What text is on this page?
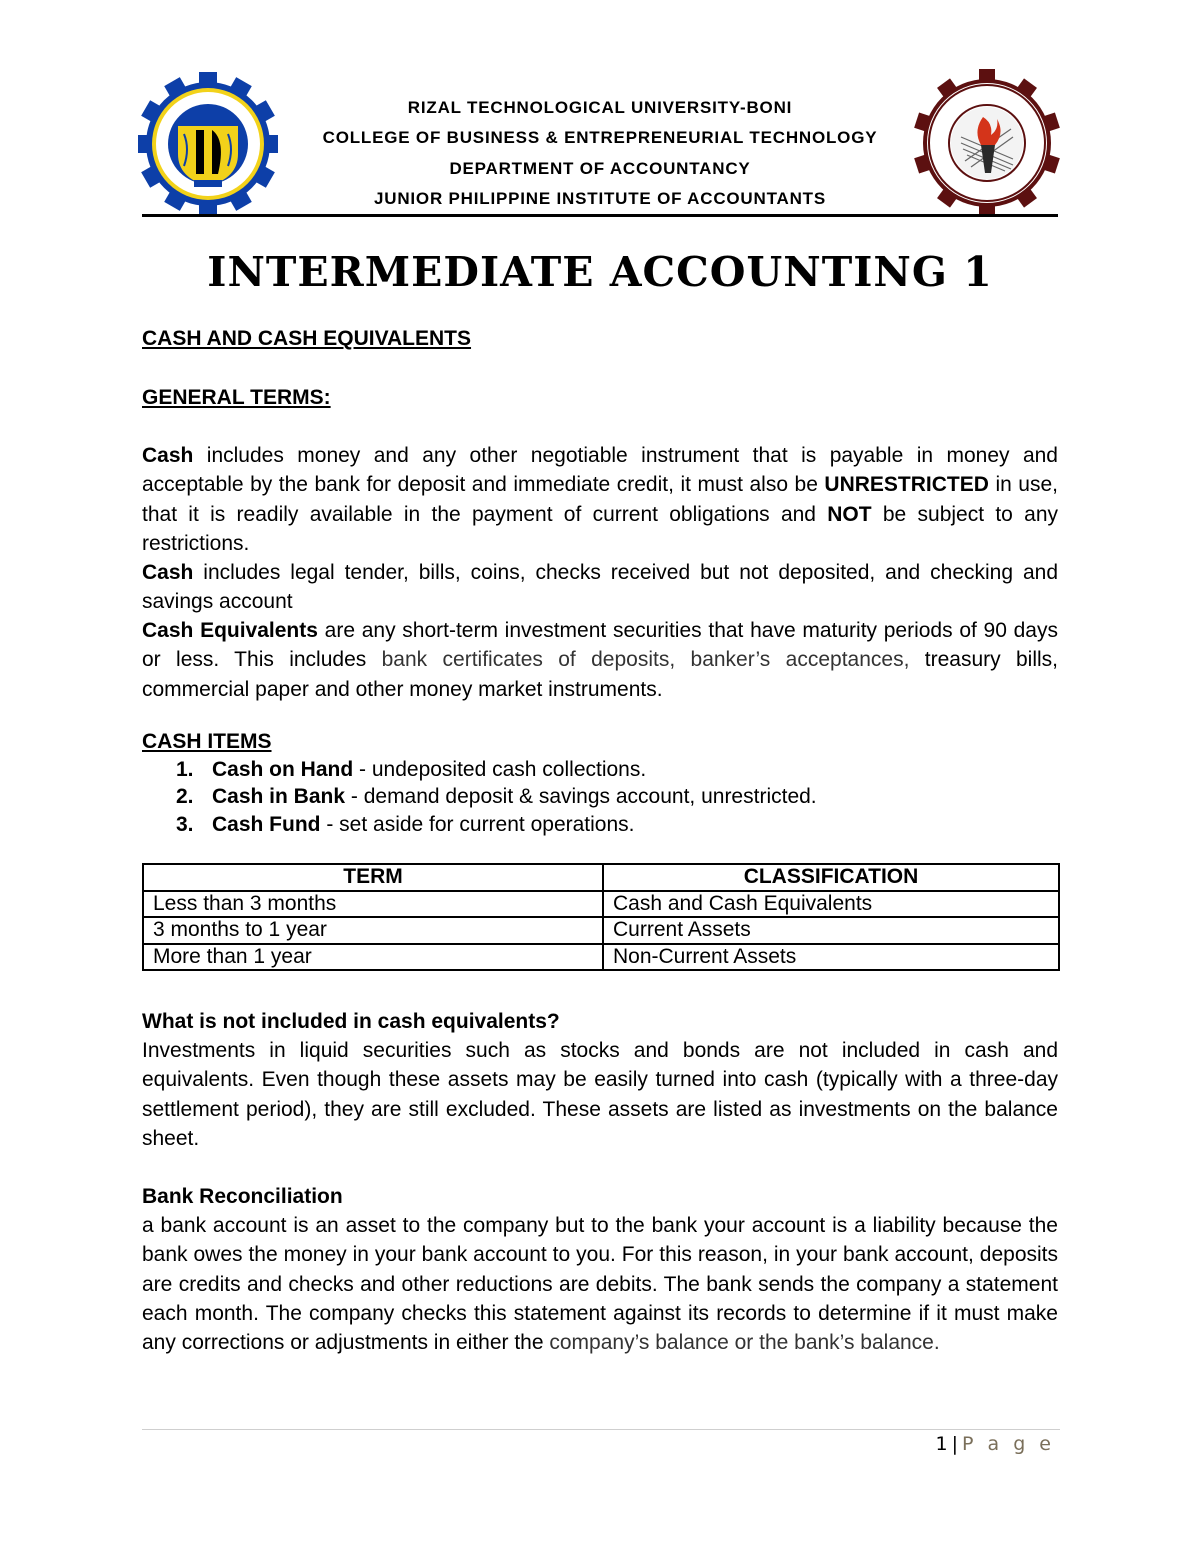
RIZAL TECHNOLOGICAL UNIVERSITY-BONI
COLLEGE OF BUSINESS & ENTREPRENEURIAL TECHNOLOGY
DEPARTMENT OF ACCOUNTANCY
JUNIOR PHILIPPINE INSTITUTE OF ACCOUNTANTS
INTERMEDIATE ACCOUNTING 1
CASH AND CASH EQUIVALENTS
GENERAL TERMS:
Cash includes money and any other negotiable instrument that is payable in money and acceptable by the bank for deposit and immediate credit, it must also be UNRESTRICTED in use, that it is readily available in the payment of current obligations and NOT be subject to any restrictions.
Cash includes legal tender, bills, coins, checks received but not deposited, and checking and savings account
Cash Equivalents are any short-term investment securities that have maturity periods of 90 days or less. This includes bank certificates of deposits, banker’s acceptances, treasury bills, commercial paper and other money market instruments.
CASH ITEMS
1. Cash on Hand - undeposited cash collections.
2. Cash in Bank - demand deposit & savings account, unrestricted.
3. Cash Fund - set aside for current operations.
TERM	CLASSIFICATION
Less than 3 months	Cash and Cash Equivalents
3 months to 1 year	Current Assets
More than 1 year	Non-Current Assets
What is not included in cash equivalents?
Investments in liquid securities such as stocks and bonds are not included in cash and equivalents. Even though these assets may be easily turned into cash (typically with a three-day settlement period), they are still excluded. These assets are listed as investments on the balance sheet.
Bank Reconciliation
a bank account is an asset to the company but to the bank your account is a liability because the bank owes the money in your bank account to you. For this reason, in your bank account, deposits are credits and checks and other reductions are debits. The bank sends the company a statement each month. The company checks this statement against its records to determine if it must make any corrections or adjustments in either the company’s balance or the bank’s balance.
1 | P a g e
